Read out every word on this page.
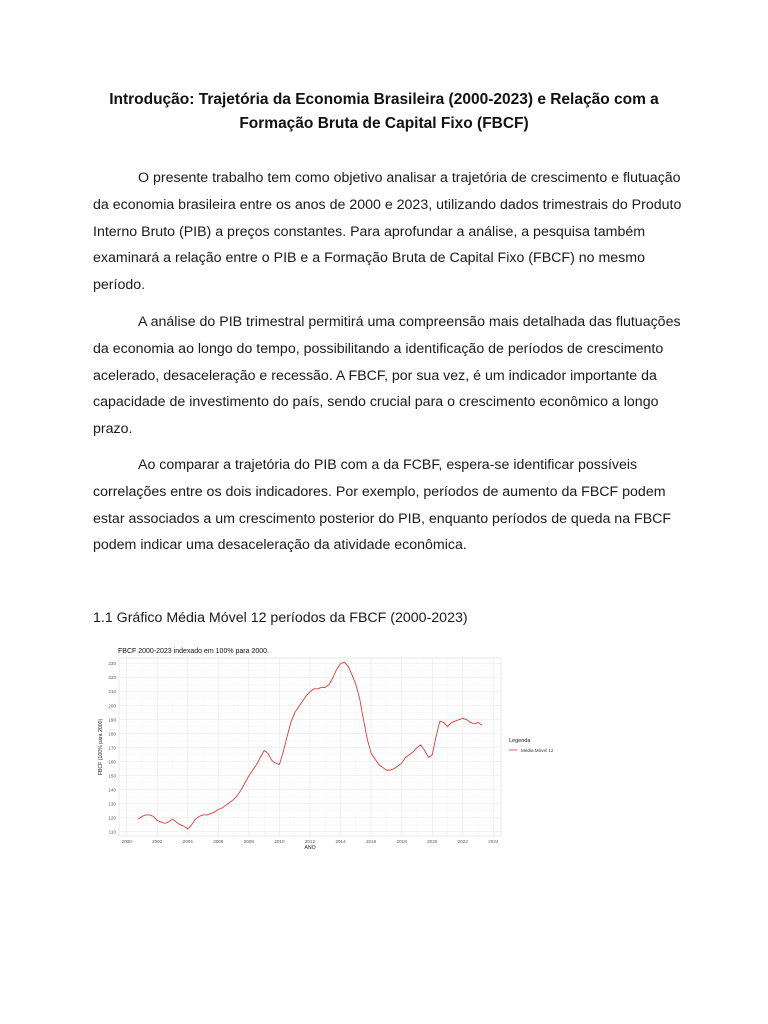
Introdução: Trajetória da Economia Brasileira (2000-2023) e Relação com a Formação Bruta de Capital Fixo (FBCF)

O presente trabalho tem como objetivo analisar a trajetória de crescimento e flutuação da economia brasileira entre os anos de 2000 e 2023, utilizando dados trimestrais do Produto Interno Bruto (PIB) a preços constantes. Para aprofundar a análise, a pesquisa também examinará a relação entre o PIB e a Formação Bruta de Capital Fixo (FBCF) no mesmo período.

A análise do PIB trimestral permitirá uma compreensão mais detalhada das flutuações da economia ao longo do tempo, possibilitando a identificação de períodos de crescimento acelerado, desaceleração e recessão. A FBCF, por sua vez, é um indicador importante da capacidade de investimento do país, sendo crucial para o crescimento econômico a longo prazo.

Ao comparar a trajetória do PIB com a da FCBF, espera-se identificar possíveis correlações entre os dois indicadores. Por exemplo, períodos de aumento da FBCF podem estar associados a um crescimento posterior do PIB, enquanto períodos de queda na FBCF podem indicar uma desaceleração da atividade econômica.

1.1 Gráfico Média Móvel 12 períodos da FBCF (2000-2023)
FBCF 2000-2023 indexado em 100% para 2000.
110
120
130
140
150
160
170
180
190
200
210
220
230
2000	2002	2004	2006	2008	2010	2012	2014	2016	2018	2020	2022	2024
ANO
FBCF (100% para 2000)	Legenda
Média Móvel 12
